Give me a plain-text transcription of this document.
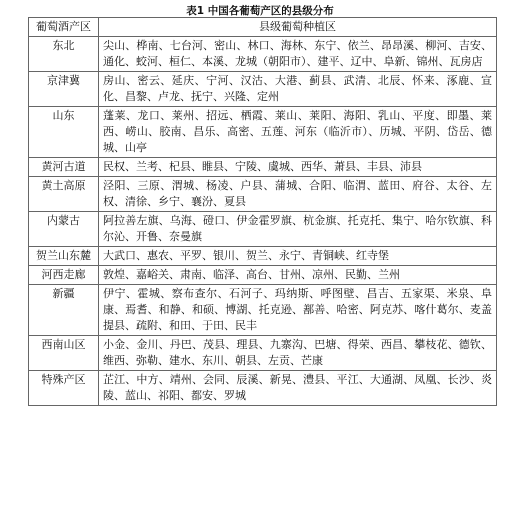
表1 中国各葡萄产区的县级分布
葡萄酒产区	县级葡萄种植区
东北	尖山、桦南、七台河、密山、林口、海林、东宁、依兰、昂昂溪、柳河、吉安、通化、蛟河、桓仁、本溪、龙城（朝阳市）、建平、辽中、阜新、锦州、瓦房店
京津冀	房山、密云、延庆、宁河、汉沽、大港、蓟县、武清、北辰、怀来、涿鹿、宣化、昌黎、卢龙、抚宁、兴隆、定州
山东	蓬莱、龙口、莱州、招远、栖霞、莱山、莱阳、海阳、乳山、平度、即墨、莱西、崂山、胶南、昌乐、高密、五莲、河东（临沂市）、历城、平阴、岱岳、德城、山亭
黄河古道	民权、兰考、杞县、睢县、宁陵、虞城、西华、萧县、丰县、沛县
黄土高原	泾阳、三原、渭城、杨凌、户县、蒲城、合阳、临渭、蓝田、府谷、太谷、左权、清徐、乡宁、襄汾、夏县
内蒙古	阿拉善左旗、乌海、磴口、伊金霍罗旗、杭金旗、托克托、集宁、哈尔钦旗、科尔沁、开鲁、奈曼旗
贺兰山东麓	大武口、惠农、平罗、银川、贺兰、永宁、青铜峡、红寺堡
河西走廊	敦煌、嘉峪关、肃南、临泽、高台、甘州、凉州、民勤、兰州
新疆	伊宁、霍城、察布查尔、石河子、玛纳斯、呼图壁、昌吉、五家渠、米泉、阜康、焉耆、和静、和硕、博湖、托克逊、鄯善、哈密、阿克苏、喀什葛尔、麦盖提县、疏附、和田、于田、民丰
西南山区	小金、金川、丹巴、茂县、理县、九寨沟、巴塘、得荣、西昌、攀枝花、德钦、维西、弥勒、建水、东川、朝县、左贡、芒康
特殊产区	芷江、中方、靖州、会同、辰溪、新晃、澧县、平江、大通湖、凤凰、长沙、炎陵、蓝山、祁阳、都安、罗城
